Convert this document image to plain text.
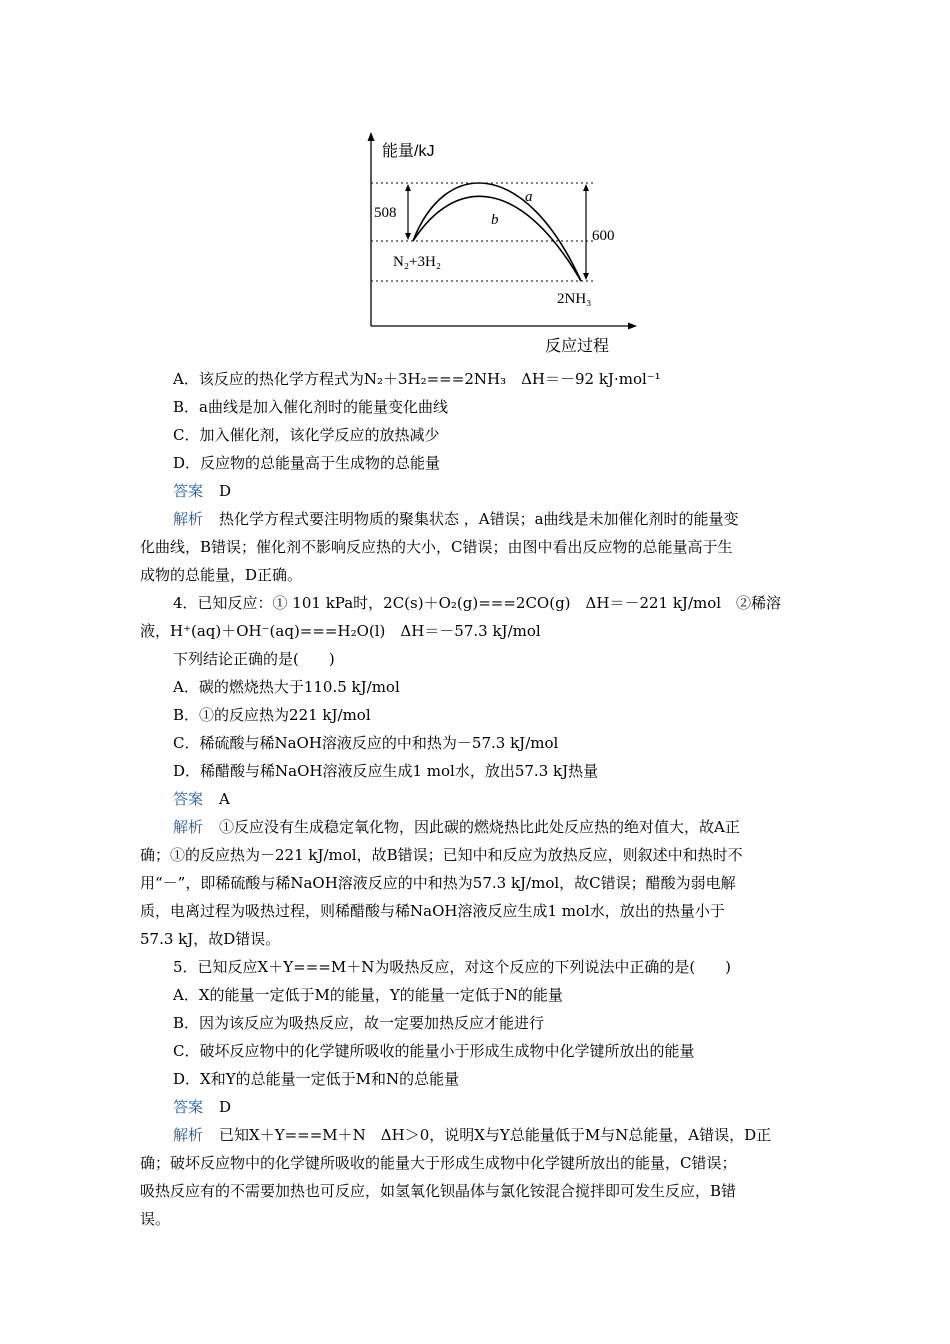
能量/kJ
反应过程
508
600
a
b
N₂+3H₂
2NH₃
A．该反应的热化学方程式为N₂＋3H₂===2NH₃　ΔH＝－92 kJ·mol⁻¹
B．a曲线是加入催化剂时的能量变化曲线
C．加入催化剂，该化学反应的放热减少
D．反应物的总能量高于生成物的总能量
答案 D
解析 热化学方程式要注明物质的聚集状态 ，A错误；a曲线是未加催化剂时的能量变
化曲线，B错误；催化剂不影响反应热的大小，C错误；由图中看出反应物的总能量高于生
成物的总能量，D正确。
4．已知反应：① 101 kPa时，2C(s)＋O₂(g)===2CO(g)　ΔH＝－221 kJ/mol　②稀溶
液，H⁺(aq)＋OH⁻(aq)===H₂O(l)　ΔH＝－57.3 kJ/mol
下列结论正确的是(　　)
A．碳的燃烧热大于110.5 kJ/mol
B．①的反应热为221 kJ/mol
C．稀硫酸与稀NaOH溶液反应的中和热为－57.3 kJ/mol
D．稀醋酸与稀NaOH溶液反应生成1 mol水，放出57.3 kJ热量
答案 A
解析 ①反应没有生成稳定氧化物，因此碳的燃烧热比此处反应热的绝对值大，故A正
确；①的反应热为－221 kJ/mol，故B错误；已知中和反应为放热反应，则叙述中和热时不
用“－”，即稀硫酸与稀NaOH溶液反应的中和热为57.3 kJ/mol，故C错误；醋酸为弱电解
质，电离过程为吸热过程，则稀醋酸与稀NaOH溶液反应生成1 mol水，放出的热量小于
57.3 kJ，故D错误。
5．已知反应X＋Y===M＋N为吸热反应，对这个反应的下列说法中正确的是(　　)
A．X的能量一定低于M的能量，Y的能量一定低于N的能量
B．因为该反应为吸热反应，故一定要加热反应才能进行
C．破坏反应物中的化学键所吸收的能量小于形成生成物中化学键所放出的能量
D．X和Y的总能量一定低于M和N的总能量
答案 D
解析 已知X＋Y===M＋N　ΔH＞0，说明X与Y总能量低于M与N总能量，A错误，D正
确；破坏反应物中的化学键所吸收的能量大于形成生成物中化学键所放出的能量，C错误；
吸热反应有的不需要加热也可反应，如氢氧化钡晶体与氯化铵混合搅拌即可发生反应，B错
误。
